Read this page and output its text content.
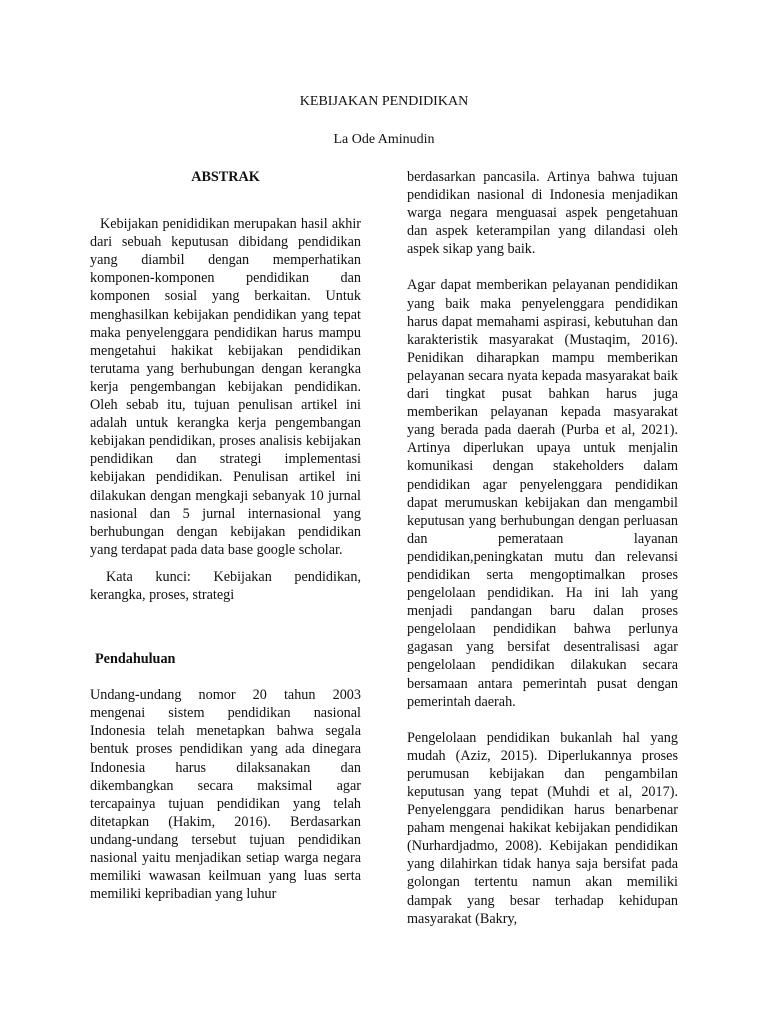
KEBIJAKAN PENDIDIKAN
La Ode Aminudin

ABSTRAK

Kebijakan penididikan merupakan hasil akhir dari sebuah keputusan dibidang pendidikan yang diambil dengan memperhatikan komponen-komponen pendidikan dan komponen sosial yang berkaitan. Untuk menghasilkan kebijakan pendidikan yang tepat maka penyelenggara pendidikan harus mampu mengetahui hakikat kebijakan pendidikan terutama yang berhubungan dengan kerangka kerja pengembangan kebijakan pendidikan. Oleh sebab itu, tujuan penulisan artikel ini adalah untuk kerangka kerja pengembangan kebijakan pendidikan, proses analisis kebijakan pendidikan dan strategi implementasi kebijakan pendidikan. Penulisan artikel ini dilakukan dengan mengkaji sebanyak 10 jurnal nasional dan 5 jurnal internasional yang berhubungan dengan kebijakan pendidikan yang terdapat pada data base google scholar.

Kata kunci: Kebijakan pendidikan, kerangka, proses, strategi

Pendahuluan

Undang-undang nomor 20 tahun 2003 mengenai sistem pendidikan nasional Indonesia telah menetapkan bahwa segala bentuk proses pendidikan yang ada dinegara Indonesia harus dilaksanakan dan dikembangkan secara maksimal agar tercapainya tujuan pendidikan yang telah ditetapkan (Hakim, 2016). Berdasarkan undang-undang tersebut tujuan pendidikan nasional yaitu menjadikan setiap warga negara memiliki wawasan keilmuan yang luas serta memiliki kepribadian yang luhur

berdasarkan pancasila. Artinya bahwa tujuan pendidikan nasional di Indonesia menjadikan warga negara menguasai aspek pengetahuan dan aspek keterampilan yang dilandasi oleh aspek sikap yang baik.

Agar dapat memberikan pelayanan pendidikan yang baik maka penyelenggara pendidikan harus dapat memahami aspirasi, kebutuhan dan karakteristik masyarakat (Mustaqim, 2016). Penidikan diharapkan mampu memberikan pelayanan secara nyata kepada masyarakat baik dari tingkat pusat bahkan harus juga memberikan pelayanan kepada masyarakat yang berada pada daerah (Purba et al, 2021). Artinya diperlukan upaya untuk menjalin komunikasi dengan stakeholders dalam pendidikan agar penyelenggara pendidikan dapat merumuskan kebijakan dan mengambil keputusan yang berhubungan dengan perluasan dan pemerataan layanan pendidikan,peningkatan mutu dan relevansi pendidikan serta mengoptimalkan proses pengelolaan pendidikan. Ha ini lah yang menjadi pandangan baru dalan proses pengelolaan pendidikan bahwa perlunya gagasan yang bersifat desentralisasi agar pengelolaan pendidikan dilakukan secara bersamaan antara pemerintah pusat dengan pemerintah daerah.

Pengelolaan pendidikan bukanlah hal yang mudah (Aziz, 2015). Diperlukannya proses perumusan kebijakan dan pengambilan keputusan yang tepat (Muhdi et al, 2017). Penyelenggara pendidikan harus benarbenar paham mengenai hakikat kebijakan pendidikan (Nurhardjadmo, 2008). Kebijakan pendidikan yang dilahirkan tidak hanya saja bersifat pada golongan tertentu namun akan memiliki dampak yang besar terhadap kehidupan masyarakat (Bakry,
